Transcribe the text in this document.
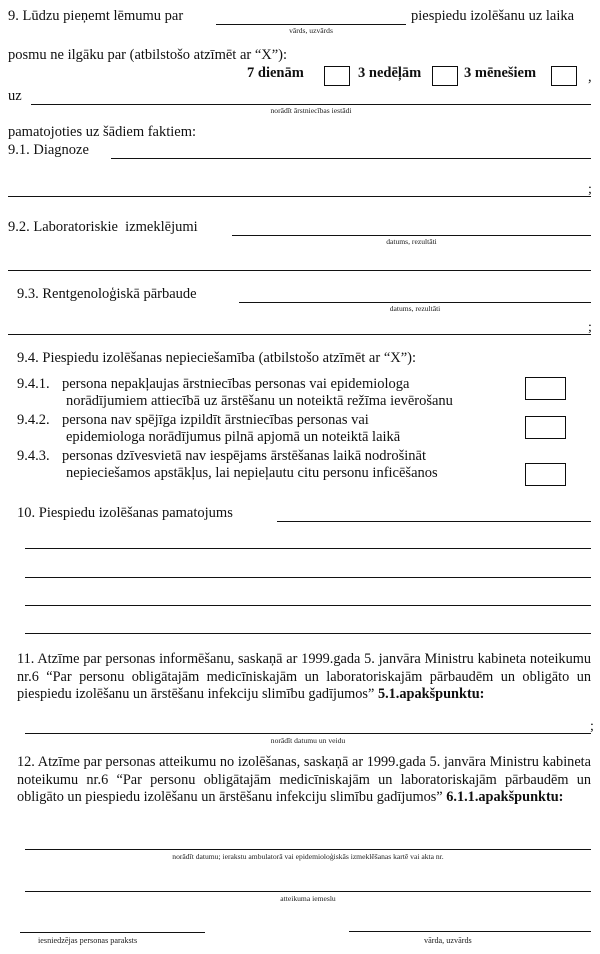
9. Lūdzu pieņemt lēmumu par
vārds, uzvārds
piespiedu izolēšanu uz laika
posmu ne ilgāku par (atbilstošo atzīmēt ar “X”):
7 dienām	3 nedēļām	3 mēnešiem	,
uz
norādīt ārstniecības iestādi
pamatojoties uz šādiem faktiem:
9.1. Diagnoze
;
9.2. Laboratoriskie  izmeklējumi
datums, rezultāti
9.3. Rentgenoloģiskā pārbaude
datums, rezultāti
;
9.4. Piespiedu izolēšanas nepieciešamība (atbilstošo atzīmēt ar “X”):
9.4.1. persona nepakļaujas ārstniecības personas vai epidemiologa
norādījumiem attiecībā uz ārstēšanu un noteiktā režīma ievērošanu
9.4.2. persona nav spējīga izpildīt ārstniecības personas vai
epidemiologa norādījumus pilnā apjomā un noteiktā laikā
9.4.3. personas dzīvesvietā nav iespējams ārstēšanas laikā nodrošināt
nepieciešamos apstākļus, lai nepieļautu citu personu inficēšanos
10. Piespiedu izolēšanas pamatojums
11. Atzīme par personas informēšanu, saskaņā ar 1999.gada 5. janvāra Ministru kabineta noteikumu nr.6 “Par personu obligātajām medicīniskajām un laboratoriskajām pārbaudēm un obligāto un piespiedu izolēšanu un ārstēšanu infekciju slimību gadījumos” 5.1.apakšpunktu:
;
norādīt datumu un veidu
12. Atzīme par personas atteikumu no izolēšanas, saskaņā ar 1999.gada 5. janvāra Ministru kabineta noteikumu nr.6 “Par personu obligātajām medicīniskajām un laboratoriskajām pārbaudēm un obligāto un piespiedu izolēšanu un ārstēšanu infekciju slimību gadījumos” 6.1.1.apakšpunktu:
norādīt datumu; ierakstu ambulatorā vai epidemioloģiskās izmeklēšanas kartē vai akta nr.
atteikuma iemeslu
iesniedzējas personas paraksts	vārda, uzvārds
